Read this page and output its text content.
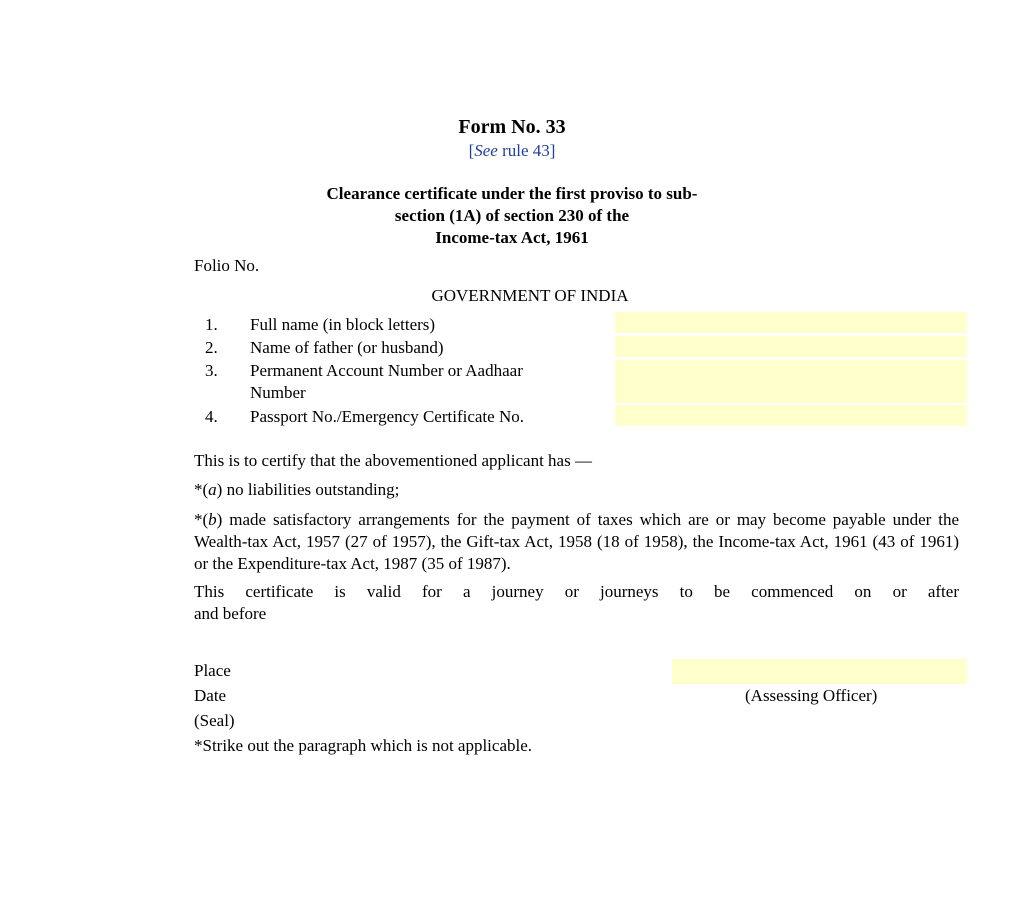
Form No. 33
[See rule 43]
Clearance certificate under the first proviso to sub-
section (1A) of section 230 of the
Income-tax Act, 1961
Folio No.
GOVERNMENT OF INDIA
1.	Full name (in block letters)
2.	Name of father (or husband)
3.	Permanent Account Number or Aadhaar
Number
4.	Passport No./Emergency Certificate No.
This is to certify that the abovementioned applicant has —
*(a) no liabilities outstanding;
*(b) made satisfactory arrangements for the payment of taxes which are or may become payable under the Wealth-tax Act, 1957 (27 of 1957), the Gift-tax Act, 1958 (18 of 1958), the Income-tax Act, 1961 (43 of 1961) or the Expenditure-tax Act, 1987 (35 of 1987).
This certificate is valid for a journey or journeys to be commenced on or after
and before
Place
Date	(Assessing Officer)
(Seal)
*Strike out the paragraph which is not applicable.
